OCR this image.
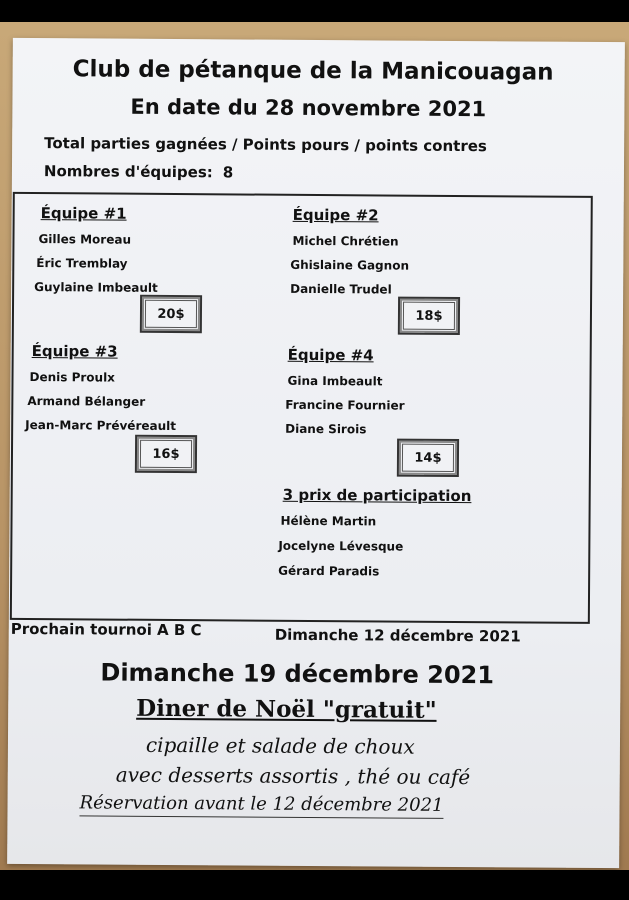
Club de pétanque de la Manicouagan
En date du 28 novembre 2021
Total parties gagnées / Points pours / points contres
Nombres d'équipes: 8
Équipe #1
Gilles Moreau
Éric Tremblay
Guylaine Imbeault
20$
Équipe #2
Michel Chrétien
Ghislaine Gagnon
Danielle Trudel
18$
Équipe #3
Denis Proulx
Armand Bélanger
Jean-Marc Prévéreault
16$
Équipe #4
Gina Imbeault
Francine Fournier
Diane Sirois
14$
3 prix de participation
Hélène Martin
Jocelyne Lévesque
Gérard Paradis
Prochain tournoi A B C	Dimanche 12 décembre 2021
Dimanche 19 décembre 2021
Diner de Noël "gratuit"
cipaille et salade de choux
avec desserts assortis , thé ou café
Réservation avant le 12 décembre 2021
